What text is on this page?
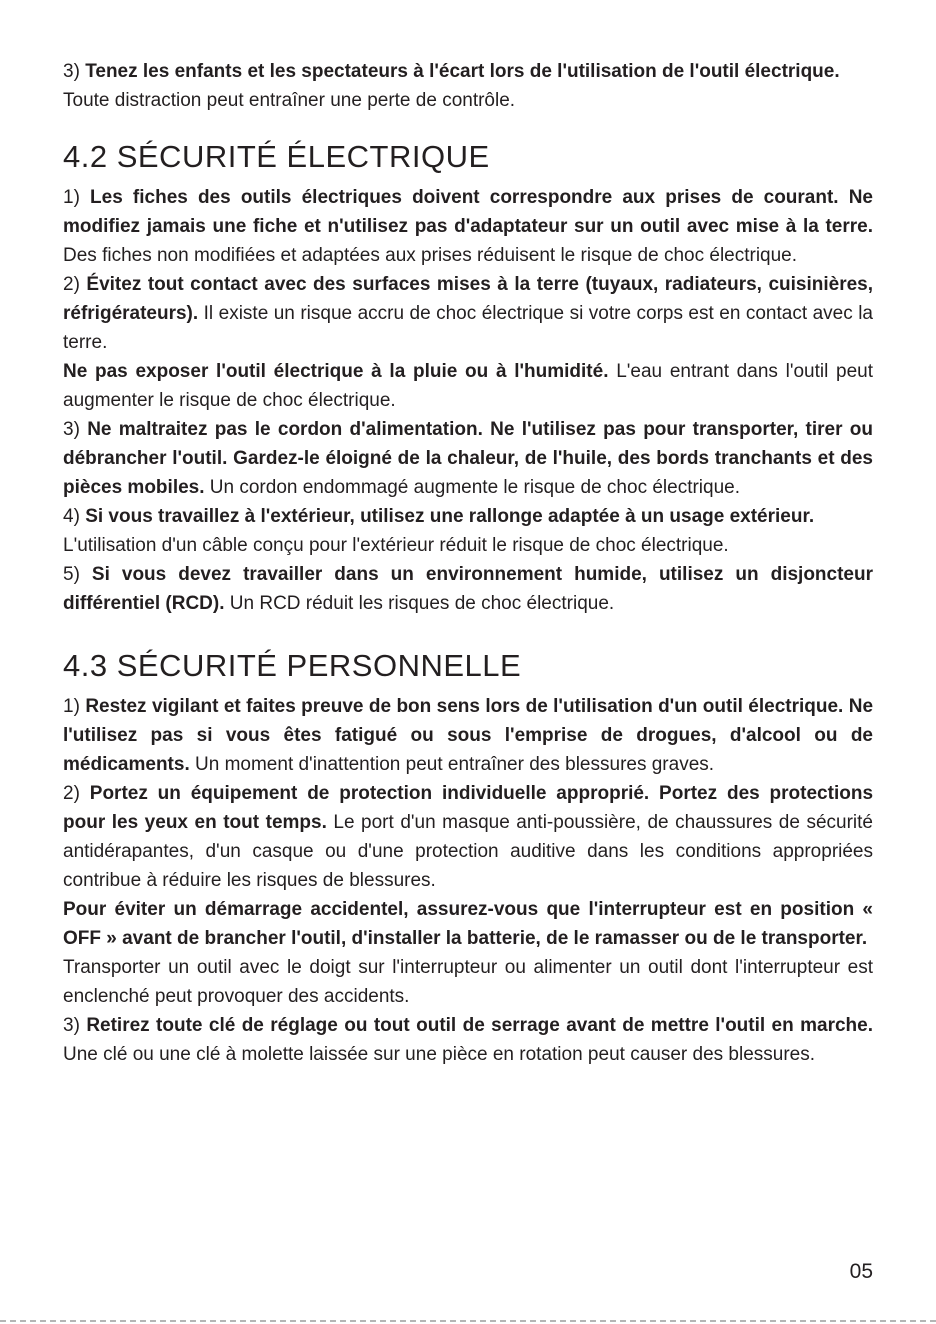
3) Tenez les enfants et les spectateurs à l'écart lors de l'utilisation de l'outil électrique.

Toute distraction peut entraîner une perte de contrôle.

4.2 SÉCURITÉ ÉLECTRIQUE

1) Les fiches des outils électriques doivent correspondre aux prises de courant. Ne modifiez jamais une fiche et n'utilisez pas d'adaptateur sur un outil avec mise à la terre. Des fiches non modifiées et adaptées aux prises réduisent le risque de choc électrique.

2) Évitez tout contact avec des surfaces mises à la terre (tuyaux, radiateurs, cuisinières, réfrigérateurs). Il existe un risque accru de choc électrique si votre corps est en contact avec la terre.

Ne pas exposer l'outil électrique à la pluie ou à l'humidité. L'eau entrant dans l'outil peut augmenter le risque de choc électrique.

3) Ne maltraitez pas le cordon d'alimentation. Ne l'utilisez pas pour transporter, tirer ou débrancher l'outil. Gardez-le éloigné de la chaleur, de l'huile, des bords tranchants et des pièces mobiles. Un cordon endommagé augmente le risque de choc électrique.

4) Si vous travaillez à l'extérieur, utilisez une rallonge adaptée à un usage extérieur.

L'utilisation d'un câble conçu pour l'extérieur réduit le risque de choc électrique.

5) Si vous devez travailler dans un environnement humide, utilisez un disjoncteur différentiel (RCD). Un RCD réduit les risques de choc électrique.

4.3 SÉCURITÉ PERSONNELLE

1) Restez vigilant et faites preuve de bon sens lors de l'utilisation d'un outil électrique. Ne l'utilisez pas si vous êtes fatigué ou sous l'emprise de drogues, d'alcool ou de médicaments. Un moment d'inattention peut entraîner des blessures graves.

2) Portez un équipement de protection individuelle approprié. Portez des protections pour les yeux en tout temps. Le port d'un masque anti-poussière, de chaussures de sécurité antidérapantes, d'un casque ou d'une protection auditive dans les conditions appropriées contribue à réduire les risques de blessures.

Pour éviter un démarrage accidentel, assurez-vous que l'interrupteur est en position « OFF » avant de brancher l'outil, d'installer la batterie, de le ramasser ou de le transporter.

Transporter un outil avec le doigt sur l'interrupteur ou alimenter un outil dont l'interrupteur est enclenché peut provoquer des accidents.

3) Retirez toute clé de réglage ou tout outil de serrage avant de mettre l'outil en marche. Une clé ou une clé à molette laissée sur une pièce en rotation peut causer des blessures.

05
